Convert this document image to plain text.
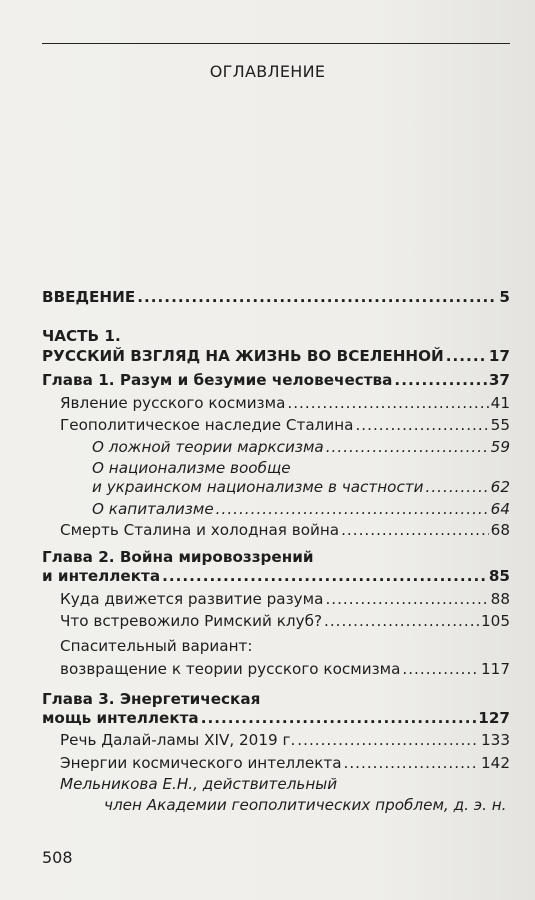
ОГЛАВЛЕНИЕ
ВВЕДЕНИЕ .....	5
ЧАСТЬ 1.
РУССКИЙ ВЗГЛЯД НА ЖИЗНЬ ВО ВСЕЛЕННОЙ .....	17
Глава 1. Разум и безумие человечества .....	37
Явление русского космизма .....	41
Геополитическое наследие Сталина .....	55
О ложной теории марксизма .....	59
О национализме вообще
и украинском национализме в частности .....	62
О капитализме .....	64
Смерть Сталина и холодная война .....	68
Глава 2. Война мировоззрений
и интеллекта .....	85
Куда движется развитие разума .....	88
Что встревожило Римский клуб? .....	105
Спасительный вариант:
возвращение к теории русского космизма .....	117
Глава 3. Энергетическая
мощь интеллекта .....	127
Речь Далай-ламы XIV, 2019 г. .....	133
Энергии космического интеллекта .....	142
Мельникова Е.Н., действительный
член Академии геополитических проблем, д. э. н.
508
